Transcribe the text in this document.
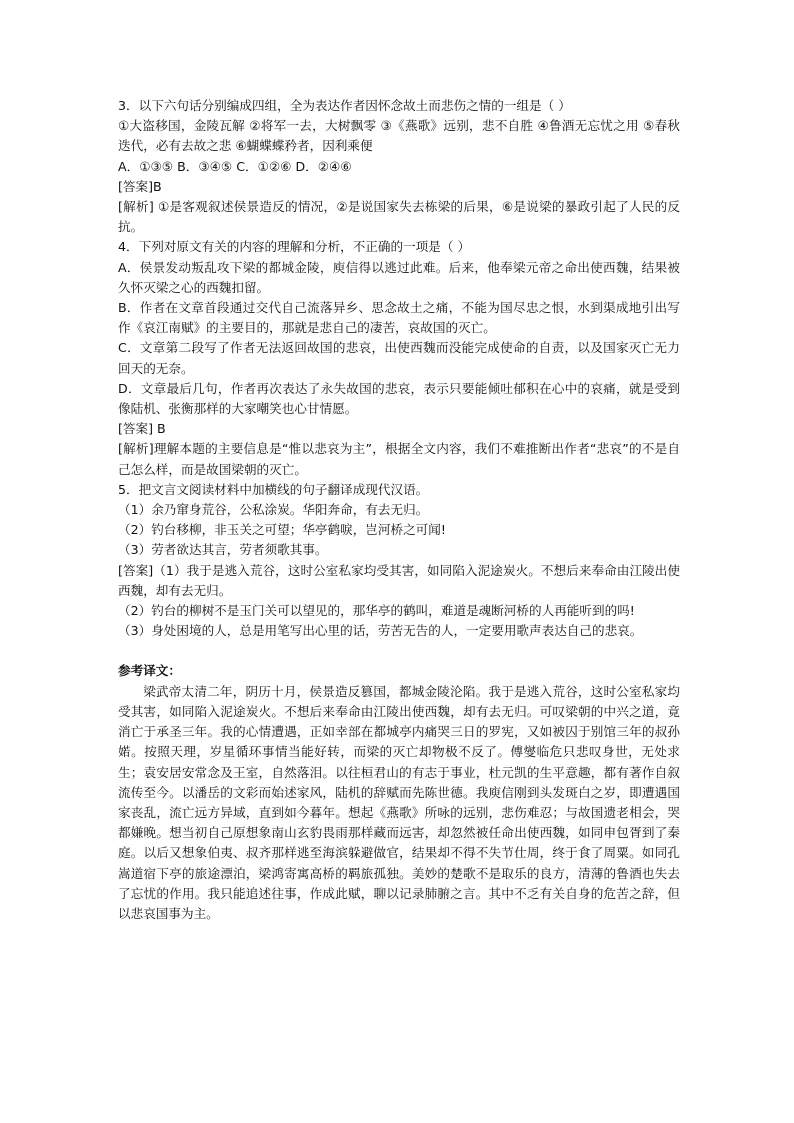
3．以下六句话分别编成四组，全为表达作者因怀念故土而悲伤之情的一组是（ ）

①大盗移国，金陵瓦解 ②将军一去，大树飘零 ③《燕歌》远别，悲不自胜 ④鲁酒无忘忧之用 ⑤春秋迭代，必有去故之悲 ⑥蝴蝶蝶矜者，因利乘便

A．①③⑤ B．③④⑤ C．①②⑥ D．②④⑥

[答案]B

[解析] ①是客观叙述侯景造反的情况，②是说国家失去栋梁的后果，⑥是说梁的暴政引起了人民的反抗。

4．下列对原文有关的内容的理解和分析，不正确的一项是（ ）

A．侯景发动叛乱攻下梁的都城金陵，庾信得以逃过此难。后来，他奉梁元帝之命出使西魏，结果被久怀灭梁之心的西魏扣留。

B．作者在文章首段通过交代自己流落异乡、思念故土之痛，不能为国尽忠之恨，水到渠成地引出写作《哀江南赋》的主要目的，那就是悲自己的凄苦，哀故国的灭亡。

C．文章第二段写了作者无法返回故国的悲哀，出使西魏而没能完成使命的自责，以及国家灭亡无力回天的无奈。

D．文章最后几句，作者再次表达了永失故国的悲哀，表示只要能倾吐郁积在心中的哀痛，就是受到像陆机、张衡那样的大家嘲笑也心甘情愿。

[答案] B

[解析]理解本题的主要信息是“惟以悲哀为主”，根据全文内容，我们不难推断出作者“悲哀”的不是自己怎么样，而是故国梁朝的灭亡。

5．把文言文阅读材料中加横线的句子翻译成现代汉语。

（1）余乃窜身荒谷，公私涂炭。华阳奔命，有去无归。

（2）钓台移柳，非玉关之可望；华亭鹤唳，岂河桥之可闻!

（3）劳者欲达其言，劳者须歌其事。

[答案]（1）我于是逃入荒谷，这时公室私家均受其害，如同陷入泥途炭火。不想后来奉命由江陵出使西魏，却有去无归。

（2）钓台的柳树不是玉门关可以望见的，那华亭的鹤叫，难道是魂断河桥的人再能听到的吗!

（3）身处困境的人，总是用笔写出心里的话，劳苦无告的人，一定要用歌声表达自己的悲哀。

参考译文：

梁武帝太清二年，阴历十月，侯景造反篡国，都城金陵沦陷。我于是逃入荒谷，这时公室私家均受其害，如同陷入泥途炭火。不想后来奉命由江陵出使西魏，却有去无归。可叹梁朝的中兴之道，竟消亡于承圣三年。我的心情遭遇，正如幸部在都城亭内痛哭三日的罗宪，又如被囚于别馆三年的叔孙婼。按照天理，岁星循环事情当能好转，而梁的灭亡却物极不反了。傅燮临危只悲叹身世，无处求生；袁安居安常念及王室，自然落泪。以往桓君山的有志于事业，杜元凯的生平意趣，都有著作自叙流传至今。以潘岳的文彩而始述家风，陆机的辞赋而先陈世德。我庾信刚到头发斑白之岁，即遭遇国家丧乱，流亡远方异域，直到如今暮年。想起《燕歌》所咏的远别，悲伤难忍；与故国遗老相会，哭都嫌晚。想当初自己原想象南山玄豹畏雨那样藏而远害，却忽然被任命出使西魏，如同申包胥到了秦庭。以后又想象伯夷、叔齐那样逃至海滨躲避做官，结果却不得不失节仕周，终于食了周粟。如同孔嵩道宿下亭的旅途漂泊，梁鸿寄寓高桥的羁旅孤独。美妙的楚歌不是取乐的良方，清薄的鲁酒也失去了忘忧的作用。我只能追述往事，作成此赋，聊以记录肺腑之言。其中不乏有关自身的危苦之辞，但以悲哀国事为主。
